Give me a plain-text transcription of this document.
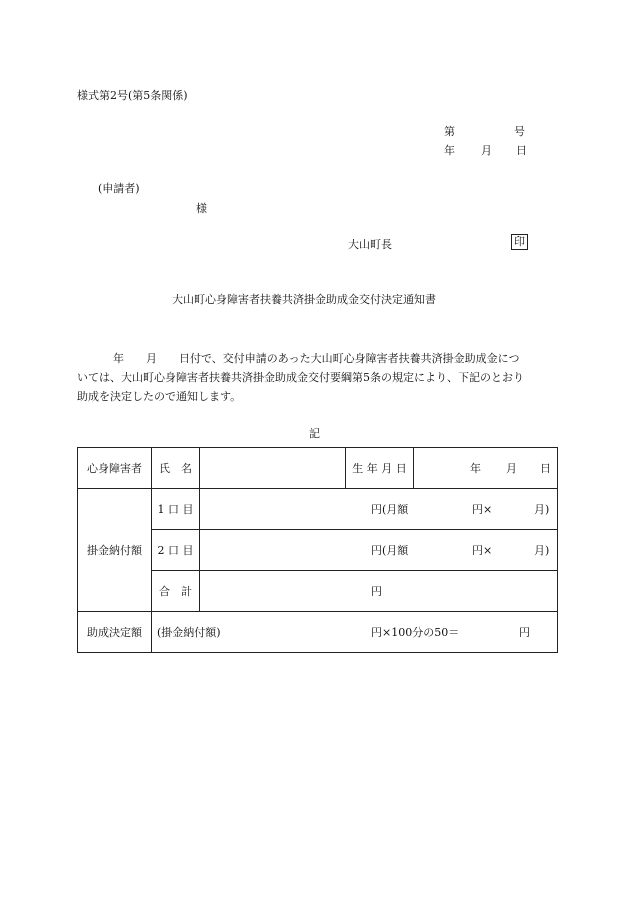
様式第2号(第5条関係)
第	号
年 月 日
(申請者)
様
大山町長	印
大山町心身障害者扶養共済掛金助成金交付決定通知書
年　　月　　日付で、交付申請のあった大山町心身障害者扶養共済掛金助成金につ
いては、大山町心身障害者扶養共済掛金助成金交付要綱第5条の規定により、下記のとおり
助成を決定したので通知します。
記
心身障害者	氏　名		生 年 月 日	年 月 日

掛金納付額	1 口 目	円(月額 円× 月)		

	2 口 目	円(月額 円× 月)		

	合　計	円		

助成決定額	(掛金納付額) 円×100分の50＝ 円			
